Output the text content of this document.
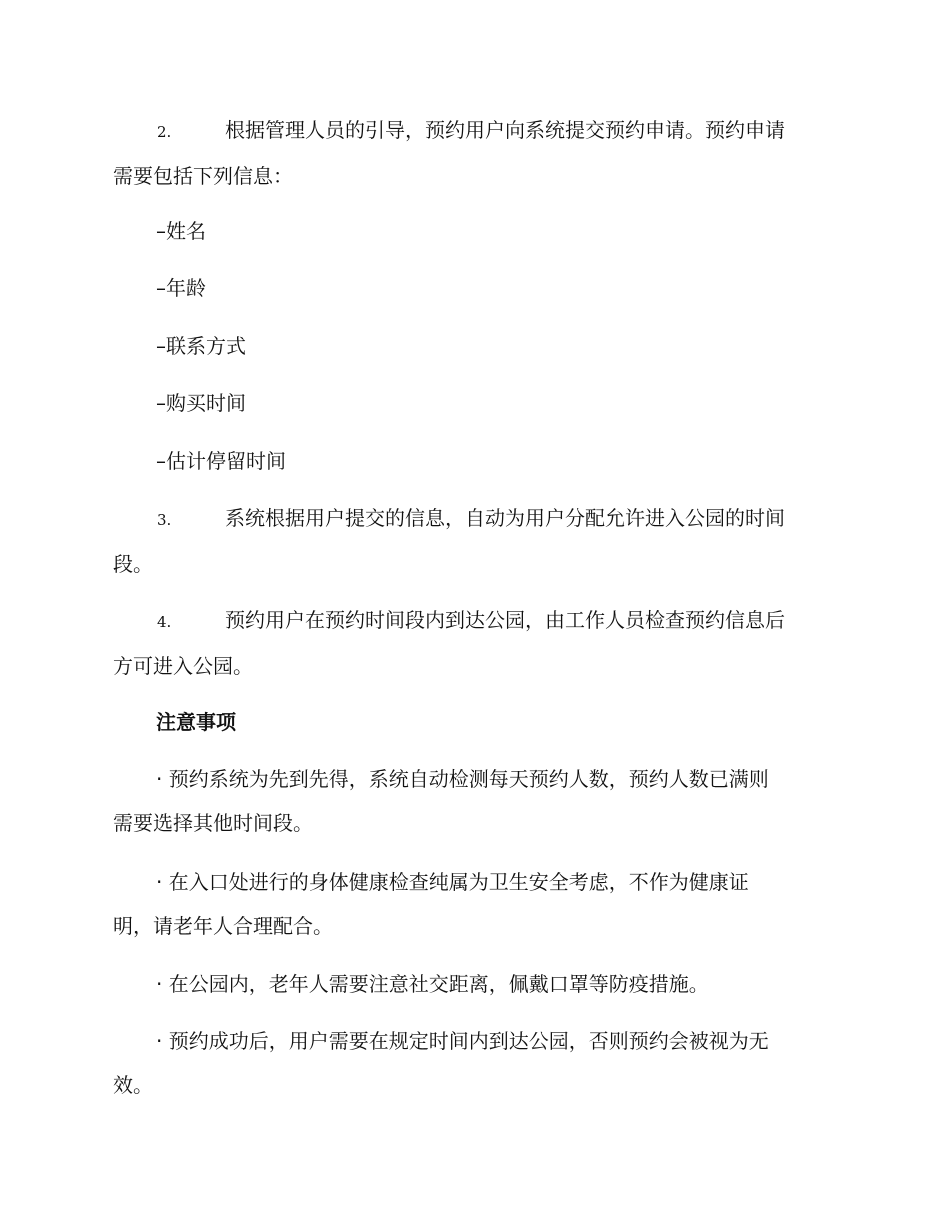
2.	根据管理人员的引导，预约用户向系统提交预约申请。预约申请
需要包括下列信息：
–姓名
–年龄
–联系方式
–购买时间
–估计停留时间
3.	系统根据用户提交的信息，自动为用户分配允许进入公园的时间
段。
4.	预约用户在预约时间段内到达公园，由工作人员检查预约信息后
方可进入公园。
注意事项
· 预约系统为先到先得，系统自动检测每天预约人数，预约人数已满则
需要选择其他时间段。
· 在入口处进行的身体健康检查纯属为卫生安全考虑，不作为健康证
明，请老年人合理配合。
· 在公园内，老年人需要注意社交距离，佩戴口罩等防疫措施。
· 预约成功后，用户需要在规定时间内到达公园，否则预约会被视为无
效。
